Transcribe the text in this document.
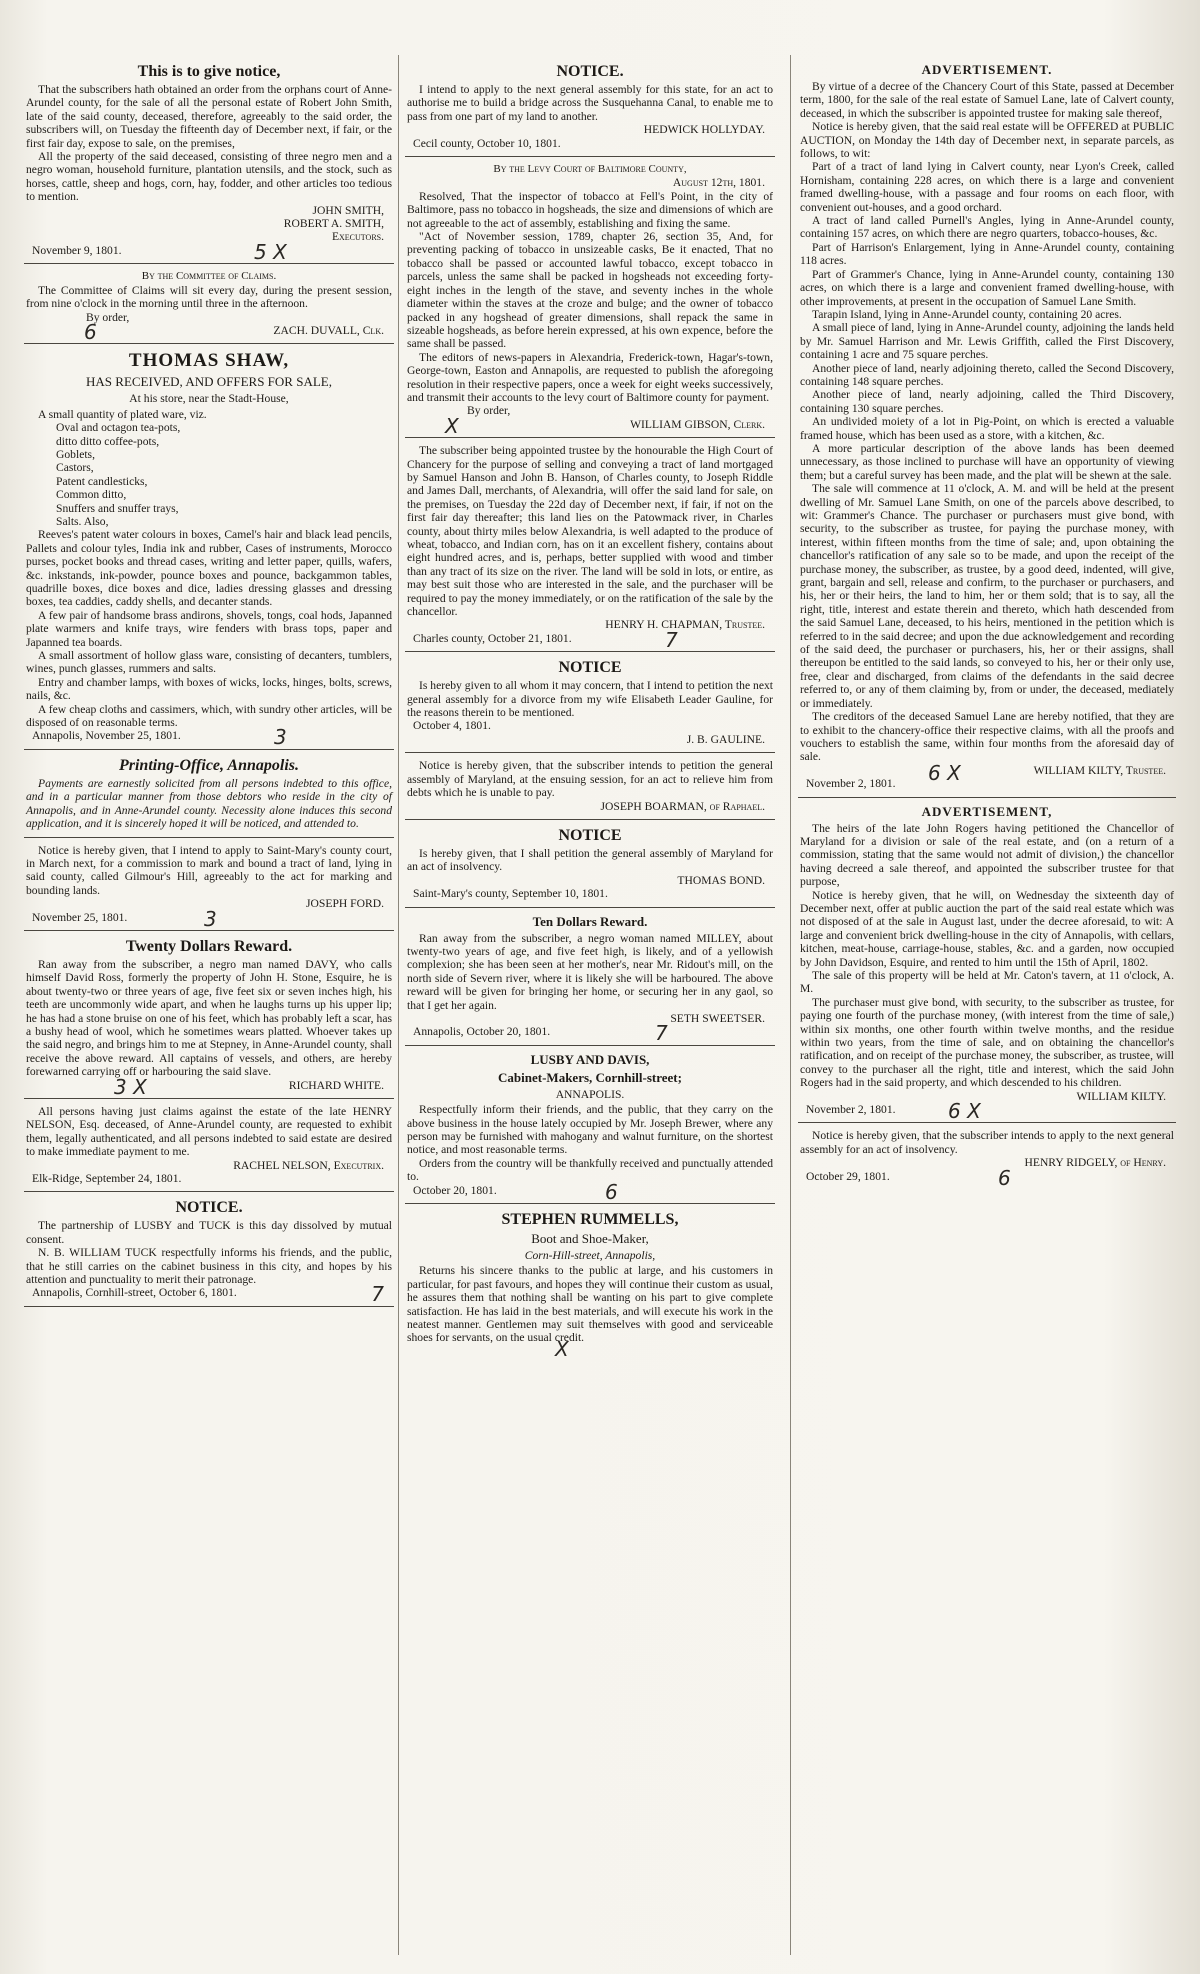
This is to give notice,

That the subscribers hath obtained an order from the orphans court of Anne-Arundel county, for the sale of all the personal estate of Robert John Smith, late of the said county, deceased, therefore, agreeably to the said order, the subscribers will, on Tuesday the fifteenth day of December next, if fair, or the first fair day, expose to sale, on the premises,

All the property of the said deceased, consisting of three negro men and a negro woman, household furniture, plantation utensils, and the stock, such as horses, cattle, sheep and hogs, corn, hay, fodder, and other articles too tedious to mention.

JOHN SMITH,
ROBERT A. SMITH,
Executors.
November 9, 1801.	5 X
By the Committee of Claims.

The Committee of Claims will sit every day, during the present session, from nine o'clock in the morning until three in the afternoon.

By order,
ZACH. DUVALL, Clk.
6
THOMAS SHAW,
HAS RECEIVED, AND OFFERS FOR SALE,
At his store, near the Stadt-House,

A small quantity of plated ware, viz.

Oval and octagon tea-pots,

ditto ditto coffee-pots,

Goblets,

Castors,

Patent candlesticks,

Common ditto,

Snuffers and snuffer trays,

Salts. Also,

Reeves's patent water colours in boxes, Camel's hair and black lead pencils, Pallets and colour tyles, India ink and rubber, Cases of instruments, Morocco purses, pocket books and thread cases, writing and letter paper, quills, wafers, &c. inkstands, ink-powder, pounce boxes and pounce, backgammon tables, quadrille boxes, dice boxes and dice, ladies dressing glasses and dressing boxes, tea caddies, caddy shells, and decanter stands.

A few pair of handsome brass andirons, shovels, tongs, coal hods, Japanned plate warmers and knife trays, wire fenders with brass tops, paper and Japanned tea boards.

A small assortment of hollow glass ware, consisting of decanters, tumblers, wines, punch glasses, rummers and salts.

Entry and chamber lamps, with boxes of wicks, locks, hinges, bolts, screws, nails, &c.

A few cheap cloths and cassimers, which, with sundry other articles, will be disposed of on reasonable terms.

Annapolis, November 25, 1801.	3
Printing-Office, Annapolis.

Payments are earnestly solicited from all persons indebted to this office, and in a particular manner from those debtors who reside in the city of Annapolis, and in Anne-Arundel county. Necessity alone induces this second application, and it is sincerely hoped it will be noticed, and attended to.

Notice is hereby given, that I intend to apply to Saint-Mary's county court, in March next, for a commission to mark and bound a tract of land, lying in said county, called Gilmour's Hill, agreeably to the act for marking and bounding lands.

JOSEPH FORD.
November 25, 1801.	3
Twenty Dollars Reward.

Ran away from the subscriber, a negro man named DAVY, who calls himself David Ross, formerly the property of John H. Stone, Esquire, he is about twenty-two or three years of age, five feet six or seven inches high, his teeth are uncommonly wide apart, and when he laughs turns up his upper lip; he has had a stone bruise on one of his feet, which has probably left a scar, has a bushy head of wool, which he sometimes wears platted. Whoever takes up the said negro, and brings him to me at Stepney, in Anne-Arundel county, shall receive the above reward. All captains of vessels, and others, are hereby forewarned carrying off or harbouring the said slave.

RICHARD WHITE.
3 X

All persons having just claims against the estate of the late HENRY NELSON, Esq. deceased, of Anne-Arundel county, are requested to exhibit them, legally authenticated, and all persons indebted to said estate are desired to make immediate payment to me.

RACHEL NELSON, Executrix.
Elk-Ridge, September 24, 1801.
NOTICE.

The partnership of LUSBY and TUCK is this day dissolved by mutual consent.

N. B. WILLIAM TUCK respectfully informs his friends, and the public, that he still carries on the cabinet business in this city, and hopes by his attention and punctuality to merit their patronage.

Annapolis, Cornhill-street, October 6, 1801.	7
NOTICE.

I intend to apply to the next general assembly for this state, for an act to authorise me to build a bridge across the Susquehanna Canal, to enable me to pass from one part of my land to another.

HEDWICK HOLLYDAY.
Cecil county, October 10, 1801.
By the Levy Court of Baltimore County,
August 12th, 1801.

Resolved, That the inspector of tobacco at Fell's Point, in the city of Baltimore, pass no tobacco in hogsheads, the size and dimensions of which are not agreeable to the act of assembly, establishing and fixing the same.

"Act of November session, 1789, chapter 26, section 35, And, for preventing packing of tobacco in unsizeable casks, Be it enacted, That no tobacco shall be passed or accounted lawful tobacco, except tobacco in parcels, unless the same shall be packed in hogsheads not exceeding forty-eight inches in the length of the stave, and seventy inches in the whole diameter within the staves at the croze and bulge; and the owner of tobacco packed in any hogshead of greater dimensions, shall repack the same in sizeable hogsheads, as before herein expressed, at his own expence, before the same shall be passed.

The editors of news-papers in Alexandria, Frederick-town, Hagar's-town, George-town, Easton and Annapolis, are requested to publish the aforegoing resolution in their respective papers, once a week for eight weeks successively, and transmit their accounts to the levy court of Baltimore county for payment.

By order,
WILLIAM GIBSON, Clerk.
X

The subscriber being appointed trustee by the honourable the High Court of Chancery for the purpose of selling and conveying a tract of land mortgaged by Samuel Hanson and John B. Hanson, of Charles county, to Joseph Riddle and James Dall, merchants, of Alexandria, will offer the said land for sale, on the premises, on Tuesday the 22d day of December next, if fair, if not on the first fair day thereafter; this land lies on the Patowmack river, in Charles county, about thirty miles below Alexandria, is well adapted to the produce of wheat, tobacco, and Indian corn, has on it an excellent fishery, contains about eight hundred acres, and is, perhaps, better supplied with wood and timber than any tract of its size on the river. The land will be sold in lots, or entire, as may best suit those who are interested in the sale, and the purchaser will be required to pay the money immediately, or on the ratification of the sale by the chancellor.

HENRY H. CHAPMAN, Trustee.
Charles county, October 21, 1801.	7
NOTICE

Is hereby given to all whom it may concern, that I intend to petition the next general assembly for a divorce from my wife Elisabeth Leader Gauline, for the reasons therein to be mentioned.

October 4, 1801.
J. B. GAULINE.

Notice is hereby given, that the subscriber intends to petition the general assembly of Maryland, at the ensuing session, for an act to relieve him from debts which he is unable to pay.

JOSEPH BOARMAN, of Raphael.
NOTICE

Is hereby given, that I shall petition the general assembly of Maryland for an act of insolvency.

THOMAS BOND.
Saint-Mary's county, September 10, 1801.
Ten Dollars Reward.

Ran away from the subscriber, a negro woman named MILLEY, about twenty-two years of age, and five feet high, is likely, and of a yellowish complexion; she has been seen at her mother's, near Mr. Ridout's mill, on the north side of Severn river, where it is likely she will be harboured. The above reward will be given for bringing her home, or securing her in any gaol, so that I get her again.

SETH SWEETSER.
Annapolis, October 20, 1801.	7
LUSBY AND DAVIS,
Cabinet-Makers, Cornhill-street;
ANNAPOLIS.

Respectfully inform their friends, and the public, that they carry on the above business in the house lately occupied by Mr. Joseph Brewer, where any person may be furnished with mahogany and walnut furniture, on the shortest notice, and most reasonable terms.

Orders from the country will be thankfully received and punctually attended to.

October 20, 1801.	6
STEPHEN RUMMELLS,
Boot and Shoe-Maker,
Corn-Hill-street, Annapolis,

Returns his sincere thanks to the public at large, and his customers in particular, for past favours, and hopes they will continue their custom as usual, he assures them that nothing shall be wanting on his part to give complete satisfaction. He has laid in the best materials, and will execute his work in the neatest manner. Gentlemen may suit themselves with good and serviceable shoes for servants, on the usual credit.

X
ADVERTISEMENT.

By virtue of a decree of the Chancery Court of this State, passed at December term, 1800, for the sale of the real estate of Samuel Lane, late of Calvert county, deceased, in which the subscriber is appointed trustee for making sale thereof,

Notice is hereby given, that the said real estate will be OFFERED at PUBLIC AUCTION, on Monday the 14th day of December next, in separate parcels, as follows, to wit:

Part of a tract of land lying in Calvert county, near Lyon's Creek, called Hornisham, containing 228 acres, on which there is a large and convenient framed dwelling-house, with a passage and four rooms on each floor, with convenient out-houses, and a good orchard.

A tract of land called Purnell's Angles, lying in Anne-Arundel county, containing 157 acres, on which there are negro quarters, tobacco-houses, &c.

Part of Harrison's Enlargement, lying in Anne-Arundel county, containing 118 acres.

Part of Grammer's Chance, lying in Anne-Arundel county, containing 130 acres, on which there is a large and convenient framed dwelling-house, with other improvements, at present in the occupation of Samuel Lane Smith.

Tarapin Island, lying in Anne-Arundel county, containing 20 acres.

A small piece of land, lying in Anne-Arundel county, adjoining the lands held by Mr. Samuel Harrison and Mr. Lewis Griffith, called the First Discovery, containing 1 acre and 75 square perches.

Another piece of land, nearly adjoining thereto, called the Second Discovery, containing 148 square perches.

Another piece of land, nearly adjoining, called the Third Discovery, containing 130 square perches.

An undivided moiety of a lot in Pig-Point, on which is erected a valuable framed house, which has been used as a store, with a kitchen, &c.

A more particular description of the above lands has been deemed unnecessary, as those inclined to purchase will have an opportunity of viewing them; but a careful survey has been made, and the plat will be shewn at the sale.

The sale will commence at 11 o'clock, A. M. and will be held at the present dwelling of Mr. Samuel Lane Smith, on one of the parcels above described, to wit: Grammer's Chance. The purchaser or purchasers must give bond, with security, to the subscriber as trustee, for paying the purchase money, with interest, within fifteen months from the time of sale; and, upon obtaining the chancellor's ratification of any sale so to be made, and upon the receipt of the purchase money, the subscriber, as trustee, by a good deed, indented, will give, grant, bargain and sell, release and confirm, to the purchaser or purchasers, and his, her or their heirs, the land to him, her or them sold; that is to say, all the right, title, interest and estate therein and thereto, which hath descended from the said Samuel Lane, deceased, to his heirs, mentioned in the petition which is referred to in the said decree; and upon the due acknowledgement and recording of the said deed, the purchaser or purchasers, his, her or their assigns, shall thereupon be entitled to the said lands, so conveyed to his, her or their only use, free, clear and discharged, from claims of the defendants in the said decree referred to, or any of them claiming by, from or under, the deceased, mediately or immediately.

The creditors of the deceased Samuel Lane are hereby notified, that they are to exhibit to the chancery-office their respective claims, with all the proofs and vouchers to establish the same, within four months from the aforesaid day of sale.

WILLIAM KILTY, Trustee.
November 2, 1801.	6 X
ADVERTISEMENT,

The heirs of the late John Rogers having petitioned the Chancellor of Maryland for a division or sale of the real estate, and (on a return of a commission, stating that the same would not admit of division,) the chancellor having decreed a sale thereof, and appointed the subscriber trustee for that purpose,

Notice is hereby given, that he will, on Wednesday the sixteenth day of December next, offer at public auction the part of the said real estate which was not disposed of at the sale in August last, under the decree aforesaid, to wit: A large and convenient brick dwelling-house in the city of Annapolis, with cellars, kitchen, meat-house, carriage-house, stables, &c. and a garden, now occupied by John Davidson, Esquire, and rented to him until the 15th of April, 1802.

The sale of this property will be held at Mr. Caton's tavern, at 11 o'clock, A. M.

The purchaser must give bond, with security, to the subscriber as trustee, for paying one fourth of the purchase money, (with interest from the time of sale,) within six months, one other fourth within twelve months, and the residue within two years, from the time of sale, and on obtaining the chancellor's ratification, and on receipt of the purchase money, the subscriber, as trustee, will convey to the purchaser all the right, title and interest, which the said John Rogers had in the said property, and which descended to his children.

WILLIAM KILTY.
November 2, 1801.	6 X

Notice is hereby given, that the subscriber intends to apply to the next general assembly for an act of insolvency.

HENRY RIDGELY, of Henry.
October 29, 1801.	6
